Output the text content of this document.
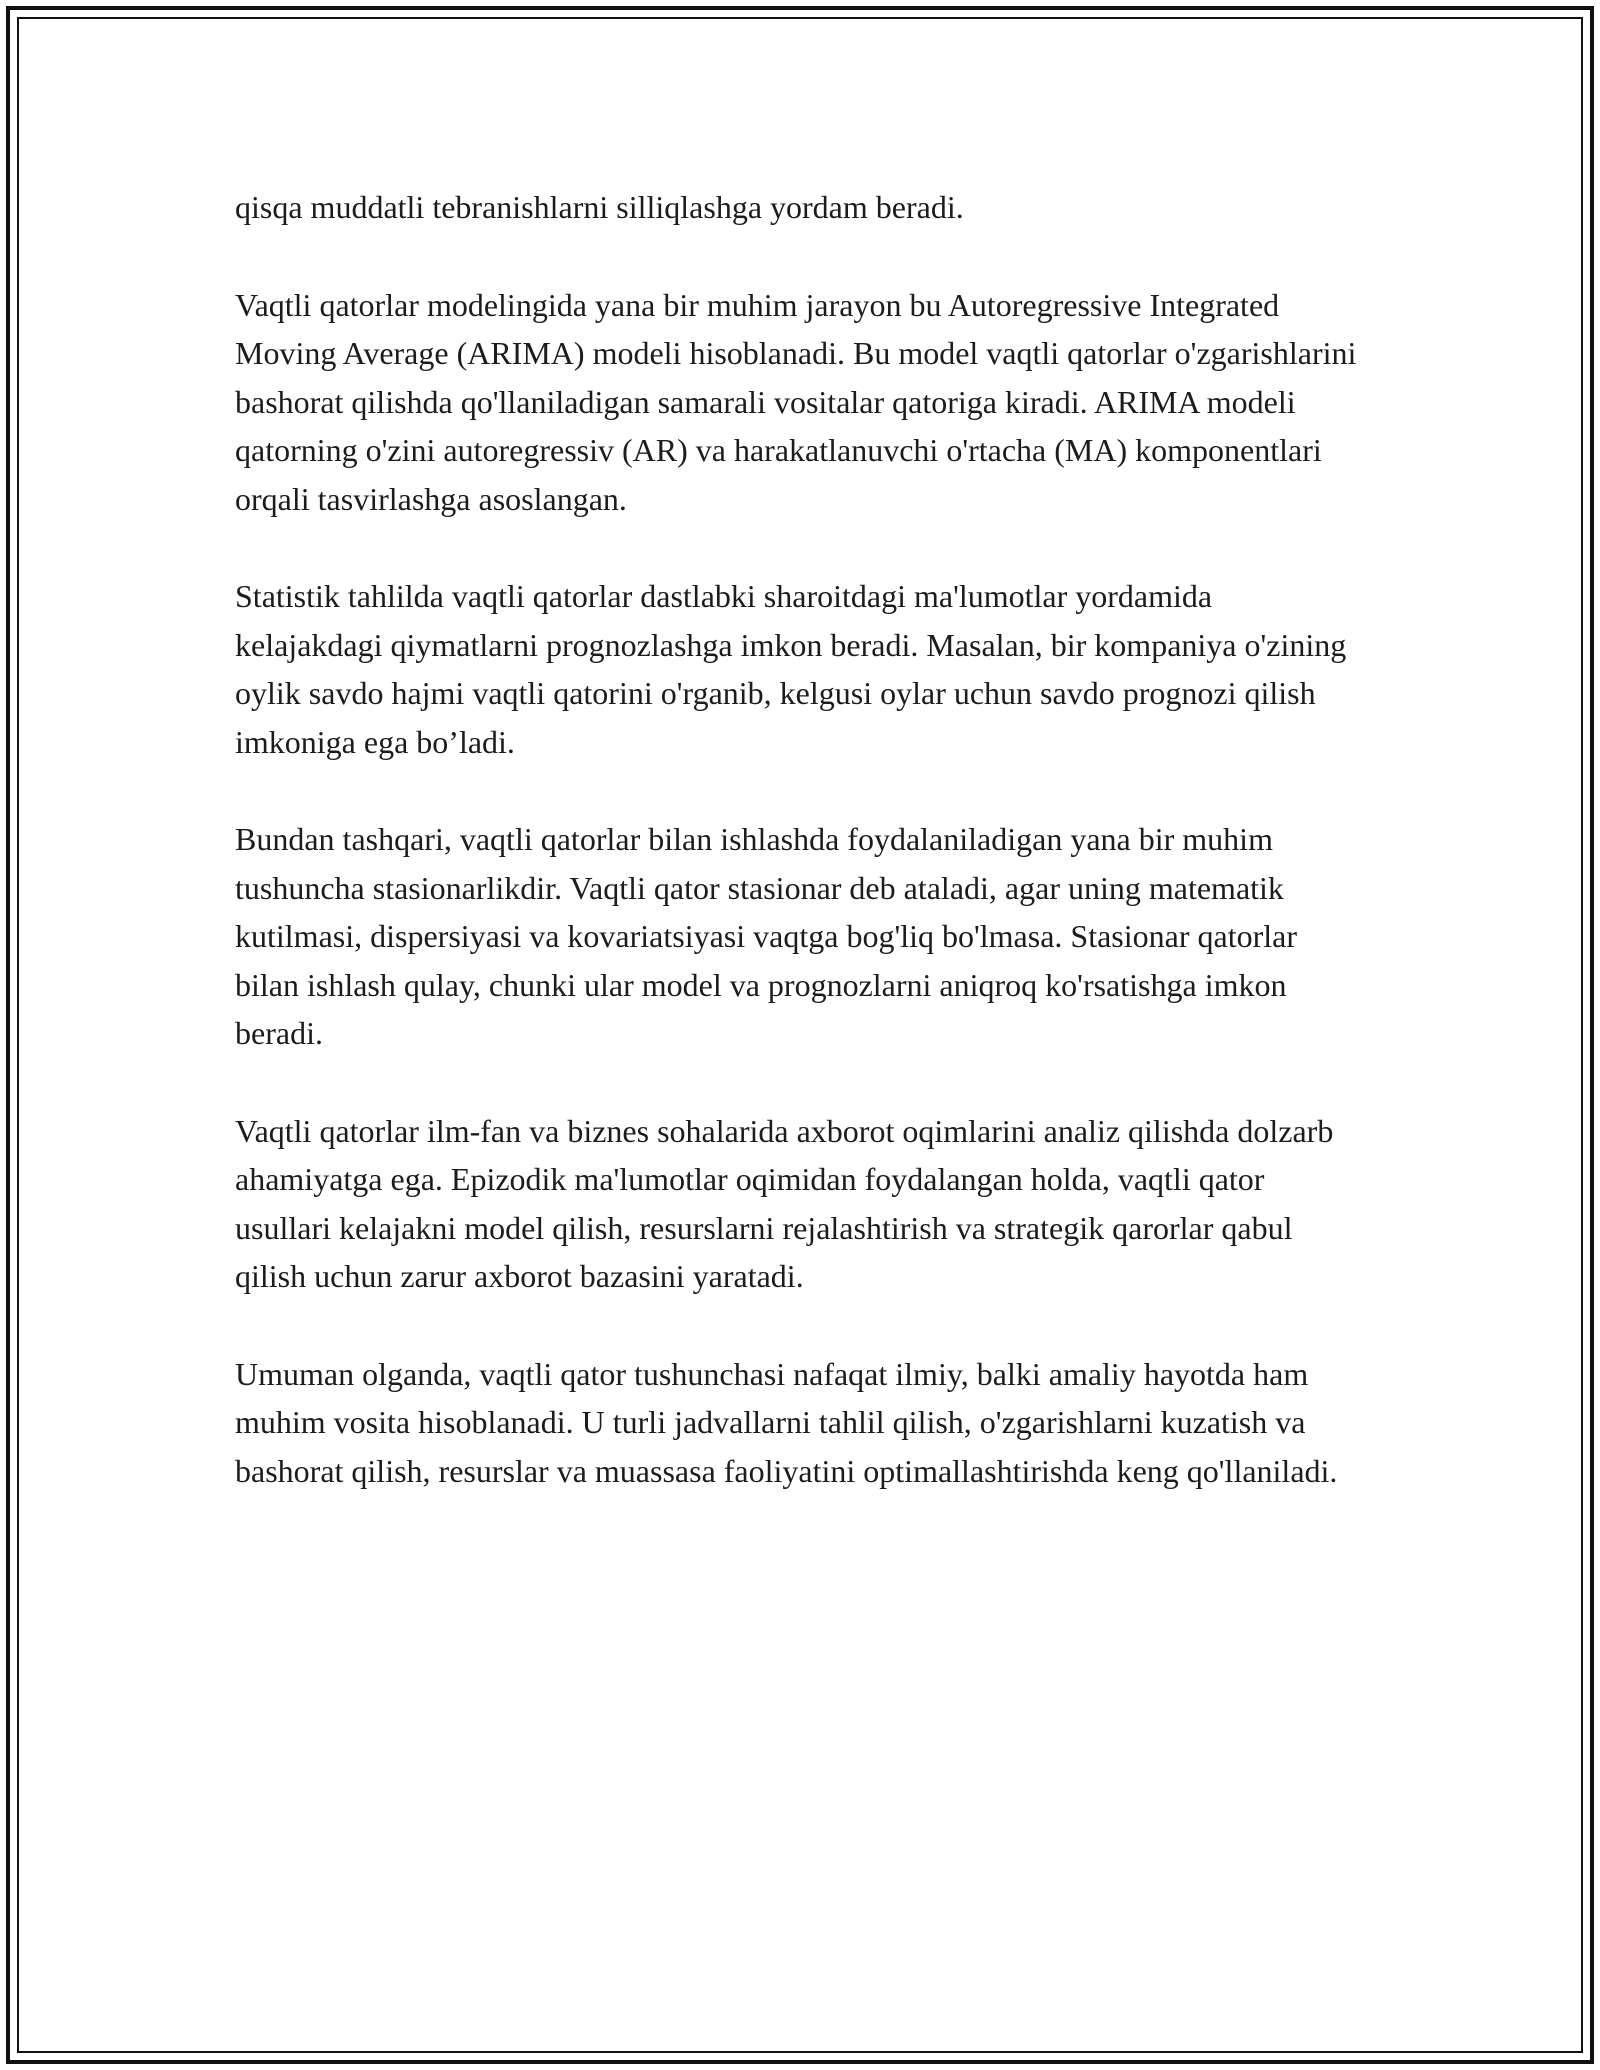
qisqa muddatli tebranishlarni silliqlashga yordam beradi.

Vaqtli qatorlar modelingida yana bir muhim jarayon bu Autoregressive Integrated Moving Average (ARIMA) modeli hisoblanadi. Bu model vaqtli qatorlar o'zgarishlarini bashorat qilishda qo'llaniladigan samarali vositalar qatoriga kiradi. ARIMA modeli qatorning o'zini autoregressiv (AR) va harakatlanuvchi o'rtacha (MA) komponentlari orqali tasvirlashga asoslangan.

Statistik tahlilda vaqtli qatorlar dastlabki sharoitdagi ma'lumotlar yordamida kelajakdagi qiymatlarni prognozlashga imkon beradi. Masalan, bir kompaniya o'zining oylik savdo hajmi vaqtli qatorini o'rganib, kelgusi oylar uchun savdo prognozi qilish imkoniga ega bo’ladi.

Bundan tashqari, vaqtli qatorlar bilan ishlashda foydalaniladigan yana bir muhim tushuncha stasionarlikdir. Vaqtli qator stasionar deb ataladi, agar uning matematik kutilmasi, dispersiyasi va kovariatsiyasi vaqtga bog'liq bo'lmasa. Stasionar qatorlar bilan ishlash qulay, chunki ular model va prognozlarni aniqroq ko'rsatishga imkon beradi.

Vaqtli qatorlar ilm-fan va biznes sohalarida axborot oqimlarini analiz qilishda dolzarb ahamiyatga ega. Epizodik ma'lumotlar oqimidan foydalangan holda, vaqtli qator usullari kelajakni model qilish, resurslarni rejalashtirish va strategik qarorlar qabul qilish uchun zarur axborot bazasini yaratadi.

Umuman olganda, vaqtli qator tushunchasi nafaqat ilmiy, balki amaliy hayotda ham muhim vosita hisoblanadi. U turli jadvallarni tahlil qilish, o'zgarishlarni kuzatish va bashorat qilish, resurslar va muassasa faoliyatini optimallashtirishda keng qo'llaniladi.
